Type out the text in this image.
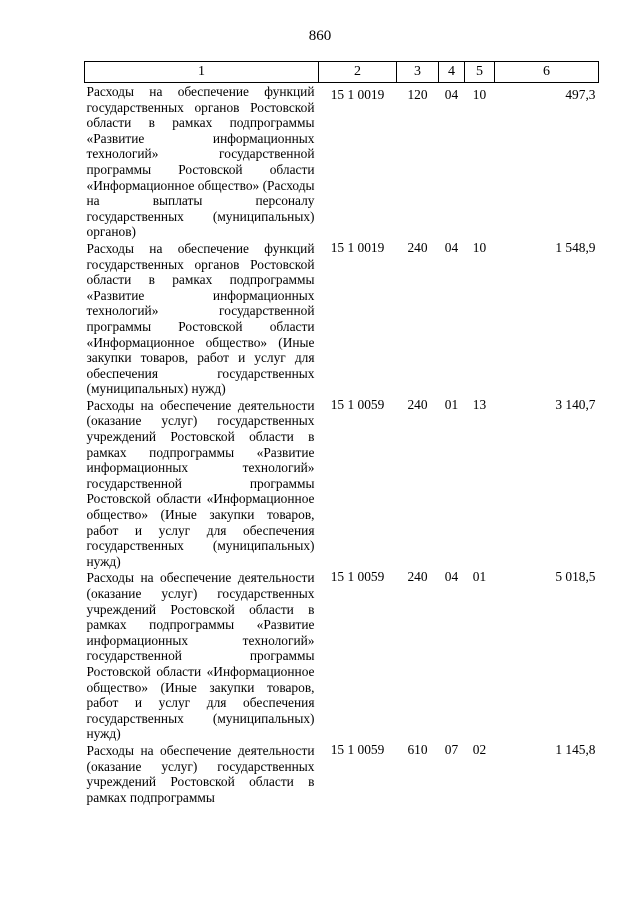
860
1	2	3	4	5	6
Расходы на обеспечение функций государственных органов Ростовской области в рамках подпрограммы «Развитие информационных технологий» государственной программы Ростовской области «Информационное общество» (Расходы на выплаты персоналу государственных (муниципальных) органов)	15 1 0019	120	04	10	497,3
Расходы на обеспечение функций государственных органов Ростовской области в рамках подпрограммы «Развитие информационных технологий» государственной программы Ростовской области «Информационное общество» (Иные закупки товаров, работ и услуг для обеспечения государственных (муниципальных) нужд)	15 1 0019	240	04	10	1 548,9
Расходы на обеспечение деятельности (оказание услуг) государственных учреждений Ростовской области в рамках подпрограммы «Развитие информационных технологий» государственной программы Ростовской области «Информационное общество» (Иные закупки товаров, работ и услуг для обеспечения государственных (муниципальных) нужд)	15 1 0059	240	01	13	3 140,7
Расходы на обеспечение деятельности (оказание услуг) государственных учреждений Ростовской области в рамках подпрограммы «Развитие информационных технологий» государственной программы Ростовской области «Информационное общество» (Иные закупки товаров, работ и услуг для обеспечения государственных (муниципальных) нужд)	15 1 0059	240	04	01	5 018,5
Расходы на обеспечение деятельности (оказание услуг) государственных учреждений Ростовской области в рамках подпрограммы	15 1 0059	610	07	02	1 145,8
